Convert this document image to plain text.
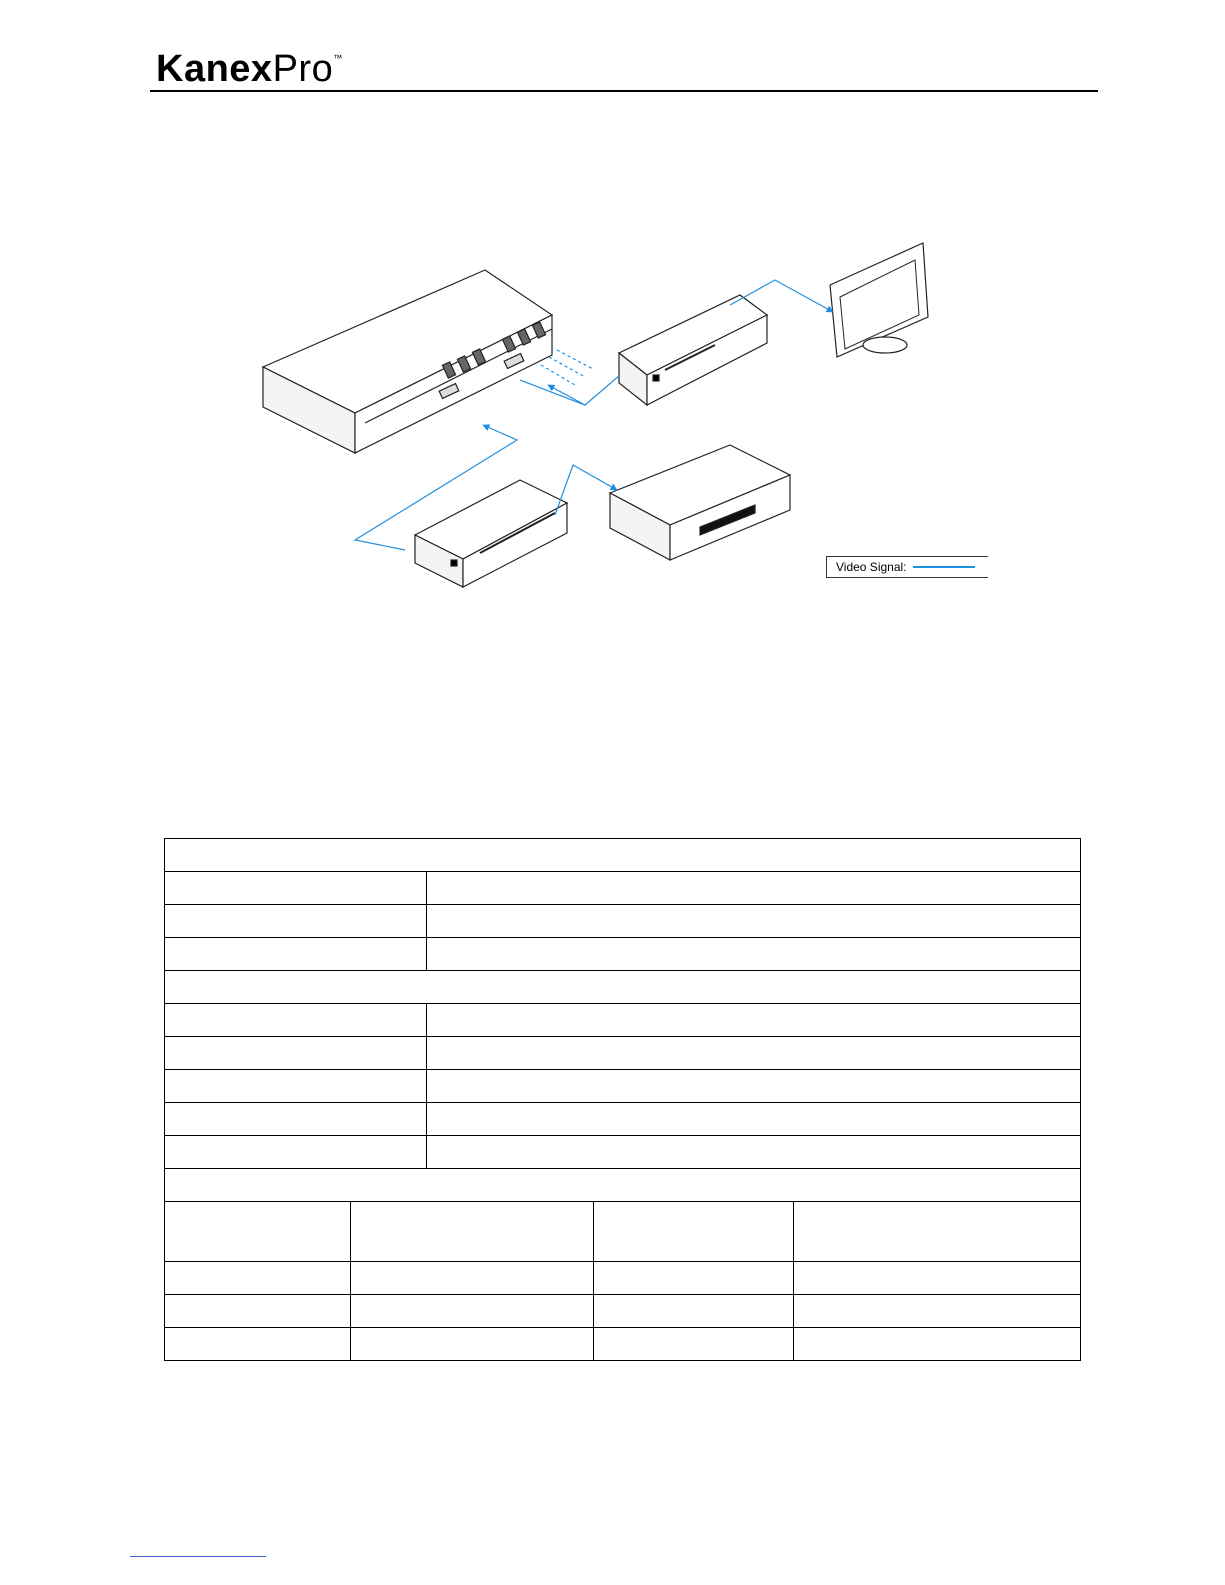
KanexPro™
Video Signal:
